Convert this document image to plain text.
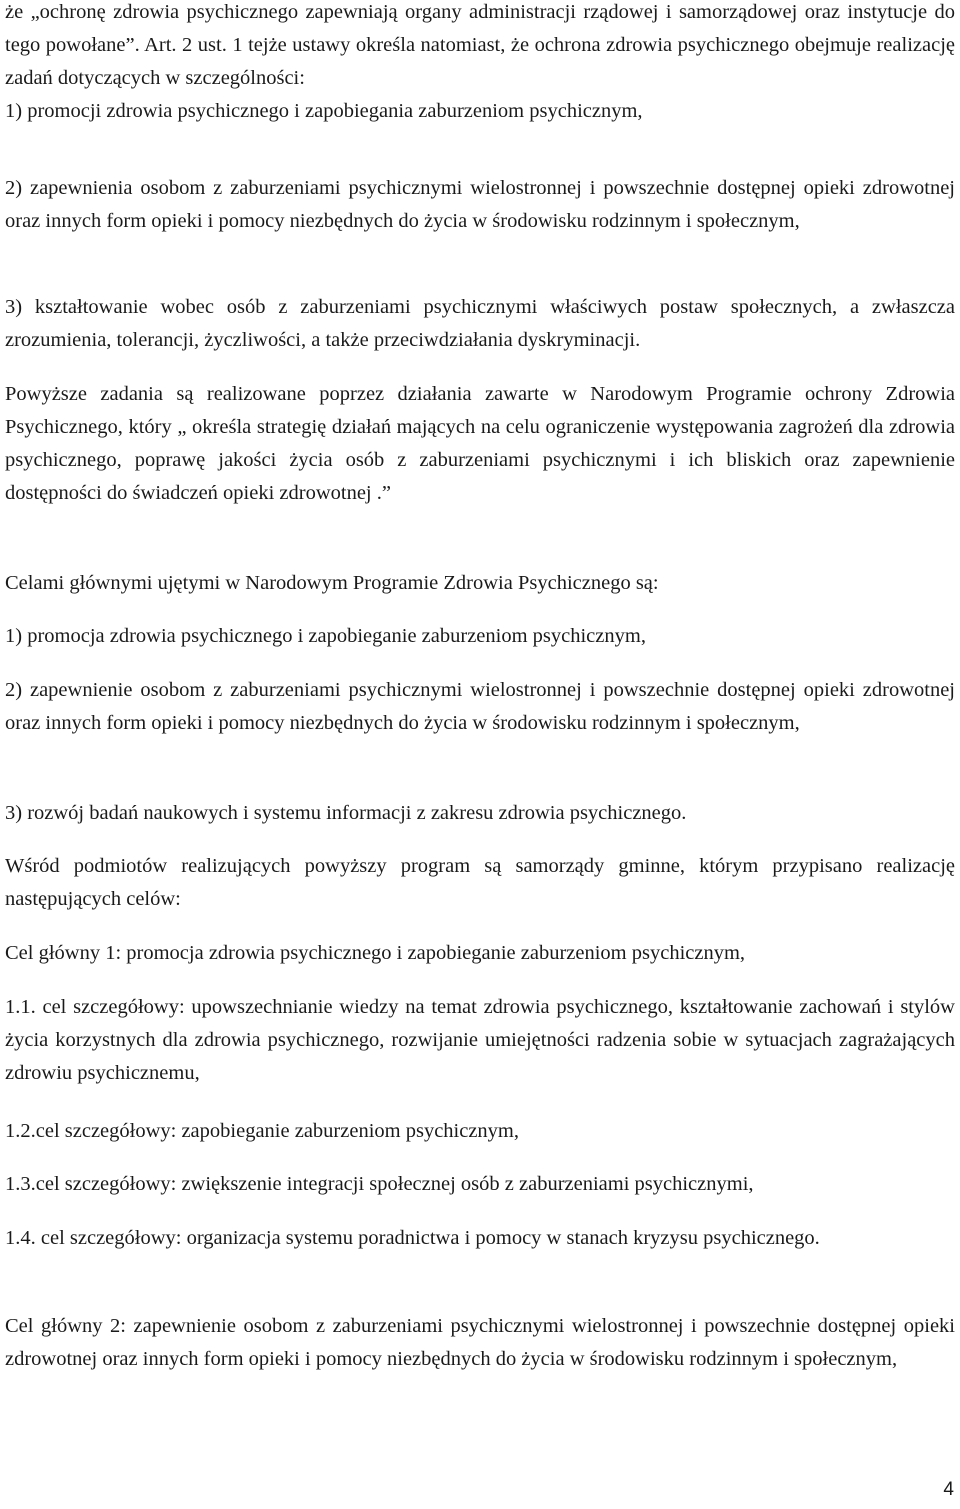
że „ochronę zdrowia psychicznego zapewniają organy administracji rządowej i samorządowej oraz instytucje do tego powołane”. Art. 2 ust. 1 tejże ustawy określa natomiast, że ochrona zdrowia psychicznego obejmuje realizację zadań dotyczących w szczególności:

1) promocji zdrowia psychicznego i zapobiegania zaburzeniom psychicznym,

2) zapewnienia osobom z zaburzeniami psychicznymi wielostronnej i powszechnie dostępnej opieki zdrowotnej oraz innych form opieki i pomocy niezbędnych do życia w środowisku rodzinnym i społecznym,

3) kształtowanie wobec osób z zaburzeniami psychicznymi właściwych postaw społecznych, a zwłaszcza zrozumienia, tolerancji, życzliwości, a także przeciwdziałania dyskryminacji.

Powyższe zadania są realizowane poprzez działania zawarte w Narodowym Programie ochrony Zdrowia Psychicznego, który „ określa strategię działań mających na celu ograniczenie występowania zagrożeń dla zdrowia psychicznego, poprawę jakości życia osób z zaburzeniami psychicznymi i ich bliskich oraz zapewnienie dostępności do świadczeń opieki zdrowotnej .”

Celami głównymi ujętymi w Narodowym Programie Zdrowia Psychicznego są:

1) promocja zdrowia psychicznego i zapobieganie zaburzeniom psychicznym,

2) zapewnienie osobom z zaburzeniami psychicznymi wielostronnej i powszechnie dostępnej opieki zdrowotnej oraz innych form opieki i pomocy niezbędnych do życia w środowisku rodzinnym i społecznym,

3) rozwój badań naukowych i systemu informacji z zakresu zdrowia psychicznego.

Wśród podmiotów realizujących powyższy program są samorządy gminne, którym przypisano realizację następujących celów:

Cel główny 1: promocja zdrowia psychicznego i zapobieganie zaburzeniom psychicznym,

1.1. cel szczegółowy: upowszechnianie wiedzy na temat zdrowia psychicznego, kształtowanie zachowań i stylów życia korzystnych dla zdrowia psychicznego, rozwijanie umiejętności radzenia sobie w sytuacjach zagrażających zdrowiu psychicznemu,

1.2.cel szczegółowy: zapobieganie zaburzeniom psychicznym,

1.3.cel szczegółowy: zwiększenie integracji społecznej osób z zaburzeniami psychicznymi,

1.4. cel szczegółowy: organizacja systemu poradnictwa i pomocy w stanach kryzysu psychicznego.

Cel główny 2: zapewnienie osobom z zaburzeniami psychicznymi wielostronnej i powszechnie dostępnej opieki zdrowotnej oraz innych form opieki i pomocy niezbędnych do życia w środowisku rodzinnym i społecznym,

4
